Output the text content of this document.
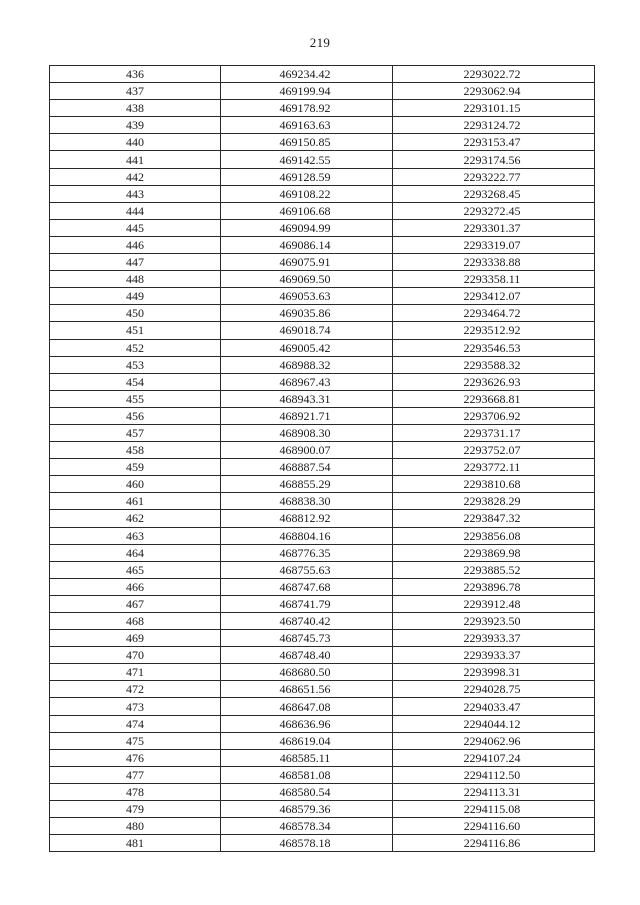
219
436	469234.42	2293022.72
437	469199.94	2293062.94
438	469178.92	2293101.15
439	469163.63	2293124.72
440	469150.85	2293153.47
441	469142.55	2293174.56
442	469128.59	2293222.77
443	469108.22	2293268.45
444	469106.68	2293272.45
445	469094.99	2293301.37
446	469086.14	2293319.07
447	469075.91	2293338.88
448	469069.50	2293358.11
449	469053.63	2293412.07
450	469035.86	2293464.72
451	469018.74	2293512.92
452	469005.42	2293546.53
453	468988.32	2293588.32
454	468967.43	2293626.93
455	468943.31	2293668.81
456	468921.71	2293706.92
457	468908.30	2293731.17
458	468900.07	2293752.07
459	468887.54	2293772.11
460	468855.29	2293810.68
461	468838.30	2293828.29
462	468812.92	2293847.32
463	468804.16	2293856.08
464	468776.35	2293869.98
465	468755.63	2293885.52
466	468747.68	2293896.78
467	468741.79	2293912.48
468	468740.42	2293923.50
469	468745.73	2293933.37
470	468748.40	2293933.37
471	468680.50	2293998.31
472	468651.56	2294028.75
473	468647.08	2294033.47
474	468636.96	2294044.12
475	468619.04	2294062.96
476	468585.11	2294107.24
477	468581.08	2294112.50
478	468580.54	2294113.31
479	468579.36	2294115.08
480	468578.34	2294116.60
481	468578.18	2294116.86
